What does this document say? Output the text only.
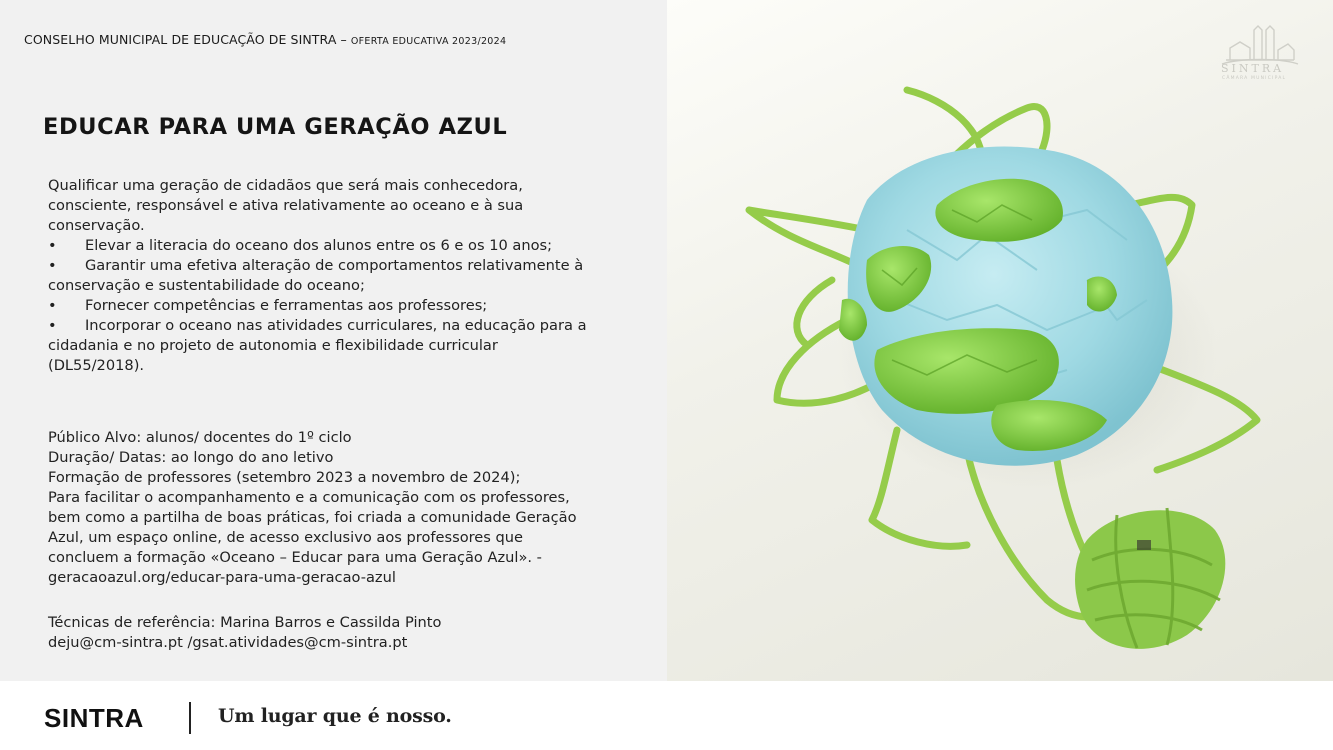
CONSELHO MUNICIPAL DE EDUCAÇÃO DE SINTRA – OFERTA EDUCATIVA 2023/2024
EDUCAR PARA UMA GERAÇÃO AZUL

Qualificar uma geração de cidadãos que será mais conhecedora, consciente, responsável e ativa relativamente ao oceano e à sua conservação.

• Elevar a literacia do oceano dos alunos entre os 6 e os 10 anos;

• Garantir uma efetiva alteração de comportamentos relativamente à conservação e sustentabilidade do oceano;

• Fornecer competências e ferramentas aos professores;

• Incorporar o oceano nas atividades curriculares, na educação para a cidadania e no projeto de autonomia e flexibilidade curricular (DL55/2018).

Público Alvo: alunos/ docentes do 1º ciclo

Duração/ Datas: ao longo do ano letivo

Formação de professores (setembro 2023 a novembro de 2024);

Para facilitar o acompanhamento e a comunicação com os professores, bem como a partilha de boas práticas, foi criada a comunidade Geração Azul, um espaço online, de acesso exclusivo aos professores que concluem a formação «Oceano – Educar para uma Geração Azul». - geracaoazul.org/educar-para-uma-geracao-azul

Técnicas de referência: Marina Barros e Cassilda Pinto

deju@cm-sintra.pt /gsat.atividades@cm-sintra.pt

SINTRA
CÂMARA MUNICIPAL
SINTRA	Um lugar que é nosso.
